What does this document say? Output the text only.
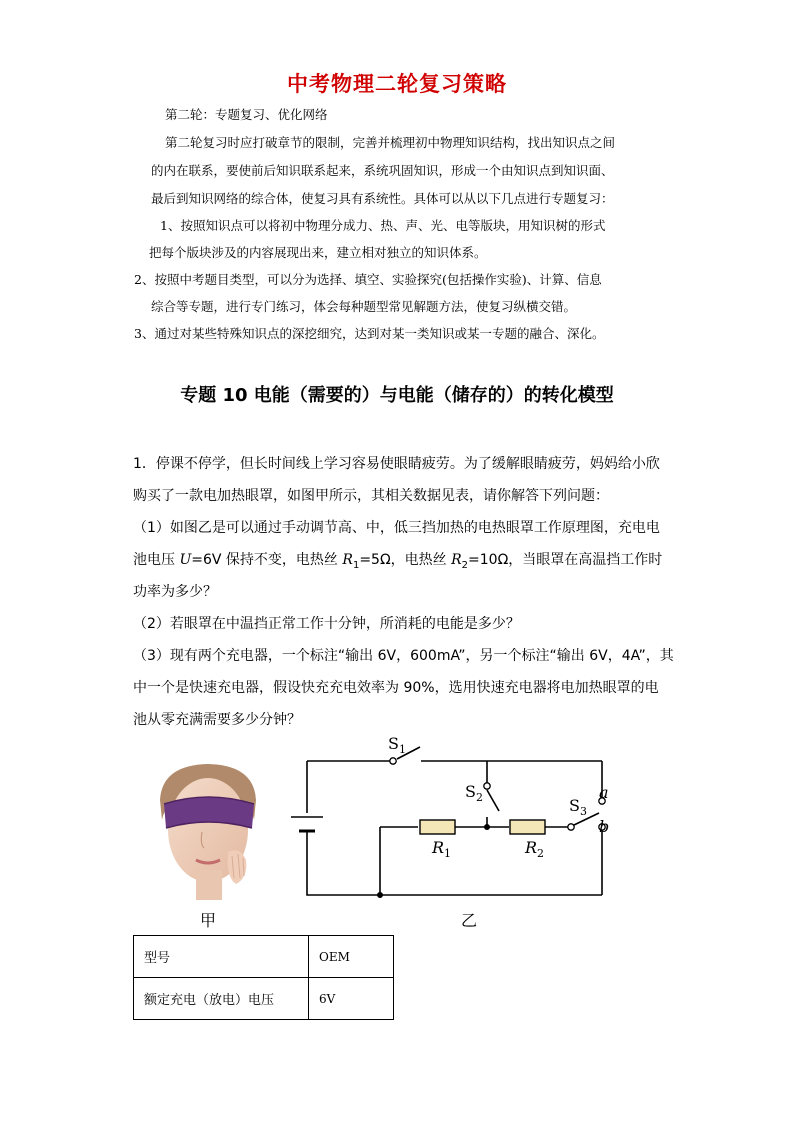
中考物理二轮复习策略
第二轮：专题复习、优化网络
第二轮复习时应打破章节的限制，完善并梳理初中物理知识结构，找出知识点之间
的内在联系，要使前后知识联系起来，系统巩固知识，形成一个由知识点到知识面、
最后到知识网络的综合体，使复习具有系统性。具体可以从以下几点进行专题复习：
1、按照知识点可以将初中物理分成力、热、声、光、电等版块，用知识树的形式
把每个版块涉及的内容展现出来，建立相对独立的知识体系。
2、按照中考题目类型，可以分为选择、填空、实验探究(包括操作实验)、计算、信息
综合等专题，进行专门练习，体会每种题型常见解题方法，使复习纵横交错。
3、通过对某些特殊知识点的深挖细究，达到对某一类知识或某一专题的融合、深化。
专题 10 电能（需要的）与电能（储存的）的转化模型
1．停课不停学，但长时间线上学习容易使眼睛疲劳。为了缓解眼睛疲劳，妈妈给小欣
购买了一款电加热眼罩，如图甲所示，其相关数据见表，请你解答下列问题：
（1）如图乙是可以通过手动调节高、中，低三挡加热的电热眼罩工作原理图，充电电
池电压 U=6V 保持不变，电热丝 $R_1=5\Omega$，电热丝 $R_2=10\Omega$，当眼罩在高温挡工作时
功率为多少？
（2）若眼罩在中温挡正常工作十分钟，所消耗的电能是多少？
（3）现有两个充电器，一个标注“输出 6V，600mA”，另一个标注“输出 6V，4A”，其
中一个是快速充电器，假设快充充电效率为 90%，选用快速充电器将电加热眼罩的电
池从零充满需要多少分钟？
$S_1$
$S_2$	$S_3$
$R_1$	$R_2$
a
b
甲	乙
型号	OEM
额定充电（放电）电压	6V
